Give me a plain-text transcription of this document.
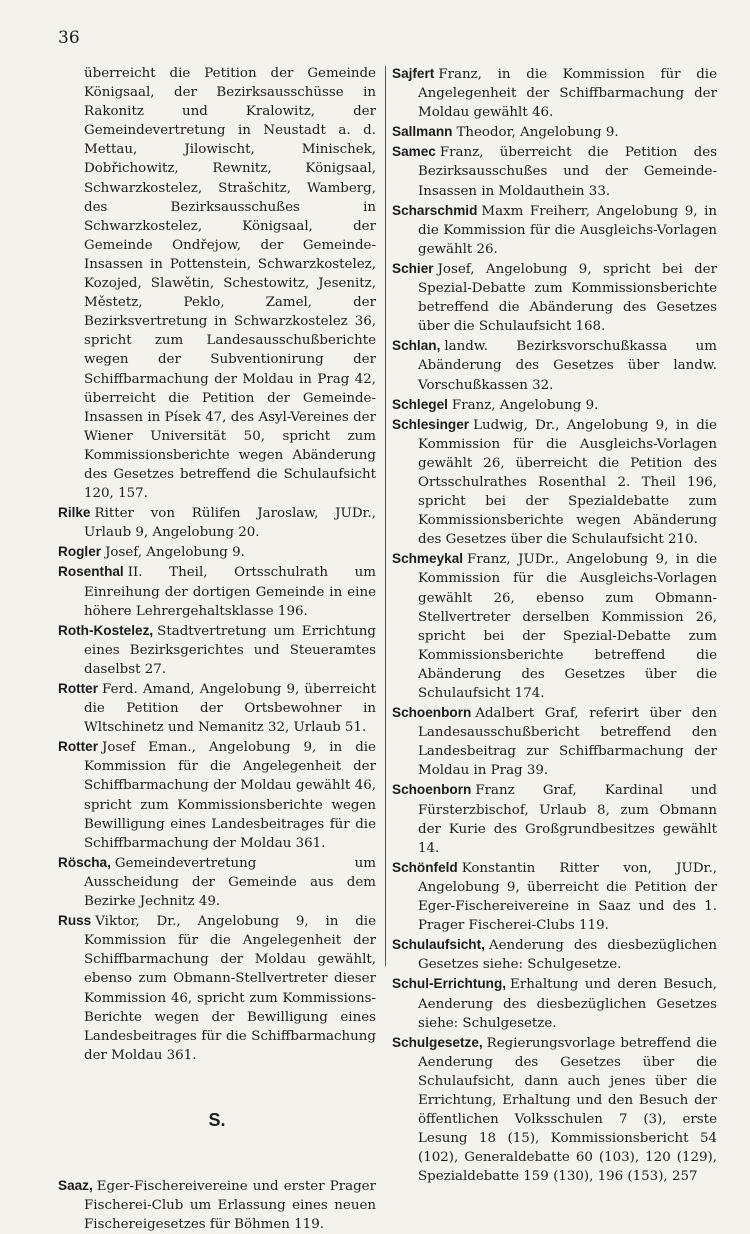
36
überreicht die Petition der Gemeinde Königsaal, der Bezirksausschüsse in Rakonitz und Kralowitz, der Gemeindevertretung in Neustadt a. d. Mettau, Jilowischt, Minischek, Dobřichowitz, Rewnitz, Königsaal, Schwarzkostelez, Strašchitz, Wamberg, des Bezirksausschußes in Schwarzkostelez, Königsaal, der Gemeinde Ondřejow, der Gemeinde-Insassen in Pottenstein, Schwarzkostelez, Kozojed, Slawětin, Schestowitz, Jesenitz, Městetz, Peklo, Zamel, der Bezirksvertretung in Schwarzkostelez 36, spricht zum Landesausschußberichte wegen der Subventionirung der Schiffbarmachung der Moldau in Prag 42, überreicht die Petition der Gemeinde-Insassen in Písek 47, des Asyl-Vereines der Wiener Universität 50, spricht zum Kommissionsberichte wegen Abänderung des Gesetzes betreffend die Schulaufsicht 120, 157.
Rilke Ritter von Rülifen Jaroslaw, JUDr., Urlaub 9, Angelobung 20.
Rogler Josef, Angelobung 9.
Rosenthal II. Theil, Ortsschulrath um Einreihung der dortigen Gemeinde in eine höhere Lehrergehaltsklasse 196.
Roth-Kostelez, Stadtvertretung um Errichtung eines Bezirksgerichtes und Steueramtes daselbst 27.
Rotter Ferd. Amand, Angelobung 9, überreicht die Petition der Ortsbewohner in Wltschinetz und Nemanitz 32, Urlaub 51.
Rotter Josef Eman., Angelobung 9, in die Kommission für die Angelegenheit der Schiffbarmachung der Moldau gewählt 46, spricht zum Kommissionsberichte wegen Bewilligung eines Landesbeitrages für die Schiffbarmachung der Moldau 361.
Röscha, Gemeindevertretung um Ausscheidung der Gemeinde aus dem Bezirke Jechnitz 49.
Russ Viktor, Dr., Angelobung 9, in die Kommission für die Angelegenheit der Schiffbarmachung der Moldau gewählt, ebenso zum Obmann-Stellvertreter dieser Kommission 46, spricht zum Kommissions-Berichte wegen der Bewilligung eines Landesbeitrages für die Schiffbarmachung der Moldau 361.
S.
Saaz, Eger-Fischereivereine und erster Prager Fischerei-Club um Erlassung eines neuen Fischereigesetzes für Böhmen 119.
Sajfert Franz, in die Kommission für die Angelegenheit der Schiffbarmachung der Moldau gewählt 46.
Sallmann Theodor, Angelobung 9.
Samec Franz, überreicht die Petition des Bezirksausschußes und der Gemeinde-Insassen in Moldauthein 33.
Scharschmid Maxm Freiherr, Angelobung 9, in die Kommission für die Ausgleichs-Vorlagen gewählt 26.
Schier Josef, Angelobung 9, spricht bei der Spezial-Debatte zum Kommissionsberichte betreffend die Abänderung des Gesetzes über die Schulaufsicht 168.
Schlan, landw. Bezirksvorschußkassa um Abänderung des Gesetzes über landw. Vorschußkassen 32.
Schlegel Franz, Angelobung 9.
Schlesinger Ludwig, Dr., Angelobung 9, in die Kommission für die Ausgleichs-Vorlagen gewählt 26, überreicht die Petition des Ortsschulrathes Rosenthal 2. Theil 196, spricht bei der Spezialdebatte zum Kommissionsberichte wegen Abänderung des Gesetzes über die Schulaufsicht 210.
Schmeykal Franz, JUDr., Angelobung 9, in die Kommission für die Ausgleichs-Vorlagen gewählt 26, ebenso zum Obmann-Stellvertreter derselben Kommission 26, spricht bei der Spezial-Debatte zum Kommissionsberichte betreffend die Abänderung des Gesetzes über die Schulaufsicht 174.
Schoenborn Adalbert Graf, referirt über den Landesausschußbericht betreffend den Landesbeitrag zur Schiffbarmachung der Moldau in Prag 39.
Schoenborn Franz Graf, Kardinal und Fürsterzbischof, Urlaub 8, zum Obmann der Kurie des Großgrundbesitzes gewählt 14.
Schönfeld Konstantin Ritter von, JUDr., Angelobung 9, überreicht die Petition der Eger-Fischereivereine in Saaz und des 1. Prager Fischerei-Clubs 119.
Schulaufsicht, Aenderung des diesbezüglichen Gesetzes siehe: Schulgesetze.
Schul-Errichtung, Erhaltung und deren Besuch, Aenderung des diesbezüglichen Gesetzes siehe: Schulgesetze.
Schulgesetze, Regierungsvorlage betreffend die Aenderung des Gesetzes über die Schulaufsicht, dann auch jenes über die Errichtung, Erhaltung und den Besuch der öffentlichen Volksschulen 7 (3), erste Lesung 18 (15), Kommissionsbericht 54 (102), Generaldebatte 60 (103), 120 (129), Spezialdebatte 159 (130), 196 (153), 257
